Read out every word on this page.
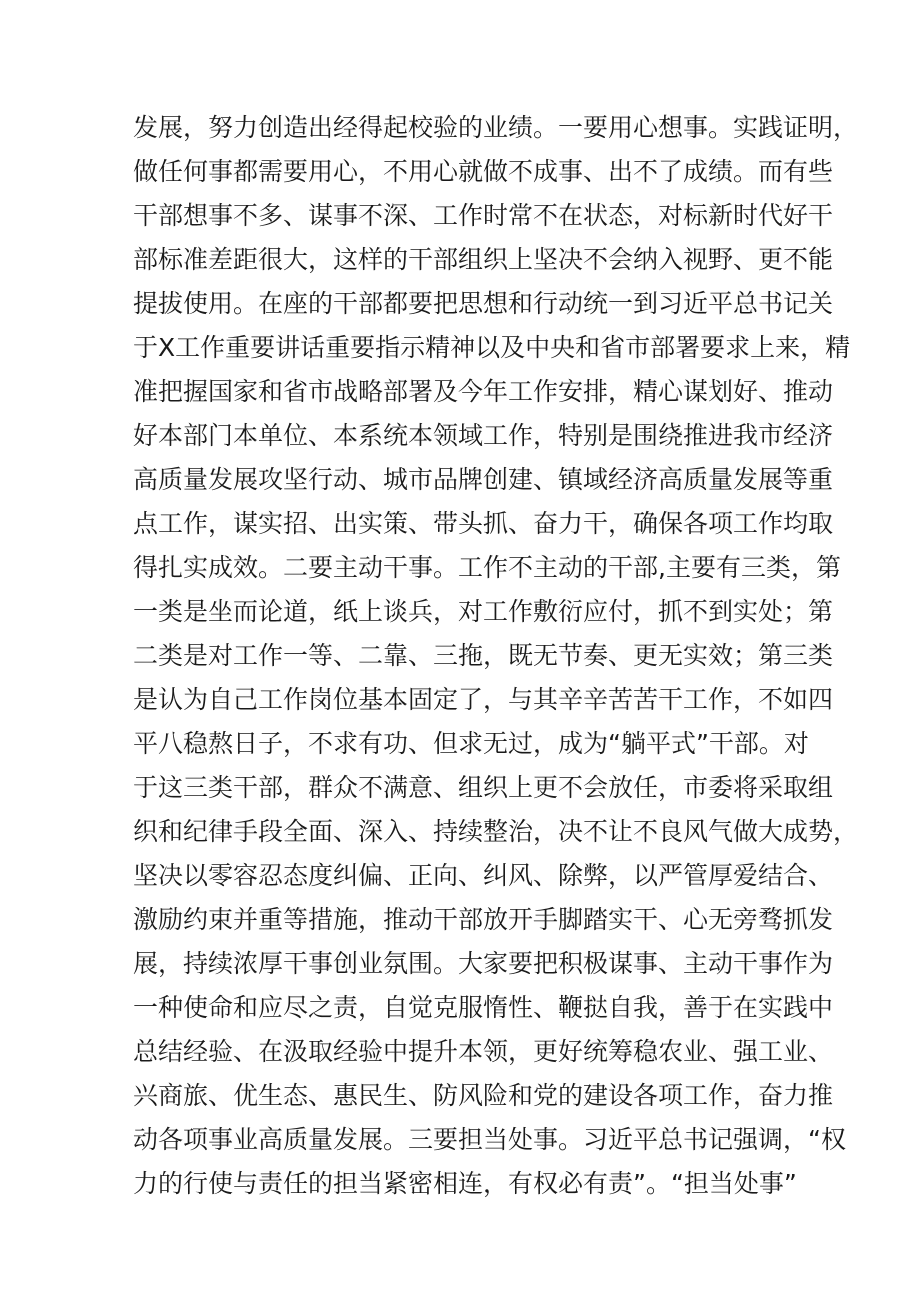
发展，努力创造出经得起校验的业绩。一要用心想事。实践证明，
做任何事都需要用心，不用心就做不成事、出不了成绩。而有些
干部想事不多、谋事不深、工作时常不在状态，对标新时代好干
部标准差距很大，这样的干部组织上坚决不会纳入视野、更不能
提拔使用。在座的干部都要把思想和行动统一到习近平总书记关
于X工作重要讲话重要指示精神以及中央和省市部署要求上来，精
准把握国家和省市战略部署及今年工作安排，精心谋划好、推动
好本部门本单位、本系统本领域工作，特别是围绕推进我市经济
高质量发展攻坚行动、城市品牌创建、镇域经济高质量发展等重
点工作，谋实招、出实策、带头抓、奋力干，确保各项工作均取
得扎实成效。二要主动干事。工作不主动的干部,主要有三类，第
一类是坐而论道，纸上谈兵，对工作敷衍应付，抓不到实处；第
二类是对工作一等、二靠、三拖，既无节奏、更无实效；第三类
是认为自己工作岗位基本固定了，与其辛辛苦苦干工作，不如四
平八稳熬日子，不求有功、但求无过，成为“躺平式”干部。对
于这三类干部，群众不满意、组织上更不会放任，市委将采取组
织和纪律手段全面、深入、持续整治，决不让不良风气做大成势，
坚决以零容忍态度纠偏、正向、纠风、除弊，以严管厚爱结合、
激励约束并重等措施，推动干部放开手脚踏实干、心无旁骛抓发
展，持续浓厚干事创业氛围。大家要把积极谋事、主动干事作为
一种使命和应尽之责，自觉克服惰性、鞭挞自我，善于在实践中
总结经验、在汲取经验中提升本领，更好统筹稳农业、强工业、
兴商旅、优生态、惠民生、防风险和党的建设各项工作，奋力推
动各项事业高质量发展。三要担当处事。习近平总书记强调，“权
力的行使与责任的担当紧密相连，有权必有责”。“担当处事”
